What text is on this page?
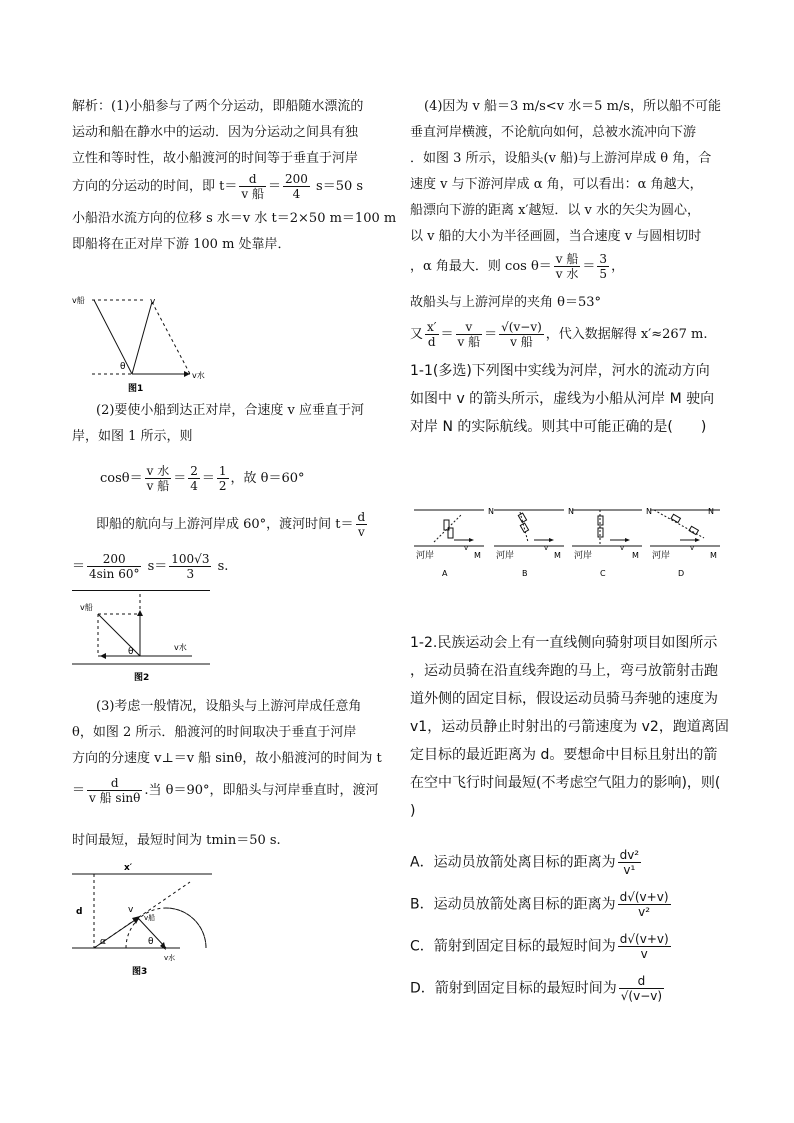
解析：(1)小船参与了两个分运动，即船随水漂流的
运动和船在静水中的运动．因为分运动之间具有独
立性和等时性，故小船渡河的时间等于垂直于河岸
方向的分运动的时间，即 $t= \frac{d}{\text{v 船}} = \frac{200}{4} s=50$ s
小船沿水流方向的位移 s 水＝v 水 t＝2×50 m＝100 m
即船将在正对岸下游 100 m 处靠岸．
v船	v
θ
v水
图1
(2)要使小船到达正对岸，合速度 v 应垂直于河
岸，如图 1 所示，则
$\cos\theta= \frac{\text{v 水}}{\text{v 船}} = \frac{2}{4} = \frac{1}{2}$ ，故 θ＝60°
即船的航向与上游河岸成 60°，渡河时间 $t= \frac{d}{v}$
＝ $\frac{200}{4\sin 60^\circ} s= \frac{100√3}{3} s$.
v船
θ	v水
图2
(3)考虑一般情况，设船头与上游河岸成任意角
θ，如图 2 所示．船渡河的时间取决于垂直于河岸
方向的分速度 v⊥＝v 船 sinθ，故小船渡河的时间为 t
＝ $\frac{d}{\text{v 船 sinθ}}$ .当 θ＝90°，即船头与河岸垂直时，渡河
时间最短，最短时间为 tmin＝50 s.
x′
d
α
v
v船
θ
v水
图3
(4)因为 v 船＝3 m/s<v 水＝5 m/s，所以船不可能
垂直河岸横渡，不论航向如何，总被水流冲向下游
．如图 3 所示，设船头(v 船)与上游河岸成 θ 角，合
速度 v 与下游河岸成 α 角，可以看出：α 角越大，
船漂向下游的距离 x′越短．以 v 水的矢尖为圆心，
以 v 船的大小为半径画圆，当合速度 v 与圆相切时
，α 角最大．则 $\cos \theta= \frac{\text{v 船}}{\text{v 水}} = \frac{3}{5}$ ，
故船头与上游河岸的夹角 θ＝53°
又 $\frac{x'}{d} = \frac{v}{\text{v 船}} = \frac{√(v-v)}{\text{v 船}}$ ，代入数据解得 x′≈267 m.
1-1(多选)下列图中实线为河岸，河水的流动方向
如图中 v 的箭头所示，虚线为小船从河岸 M 驶向
对岸 N 的实际航线。则其中可能正确的是(　　)
N
河岸
v
M
A
N
河岸
v
M
B
N
河岸
v
M
C
N
河岸
v
M
D
1-2.民族运动会上有一直线侧向骑射项目如图所示
，运动员骑在沿直线奔跑的马上，弯弓放箭射击跑
道外侧的固定目标，假设运动员骑马奔驰的速度为
v1，运动员静止时射出的弓箭速度为 v2，跑道离固
定目标的最近距离为 d。要想命中目标且射出的箭
在空中飞行时间最短(不考虑空气阻力的影响)，则(
)
A．运动员放箭处离目标的距离为 $\frac{\text{dv²}}{\text{v¹}}$
B．运动员放箭处离目标的距离为 $\frac{d√(v+v)}{\text{v²}}$
C．箭射到固定目标的最短时间为 $\frac{d√(v+v)}{v}$
D．箭射到固定目标的最短时间为 $\frac{d}{√(v-v)}$
